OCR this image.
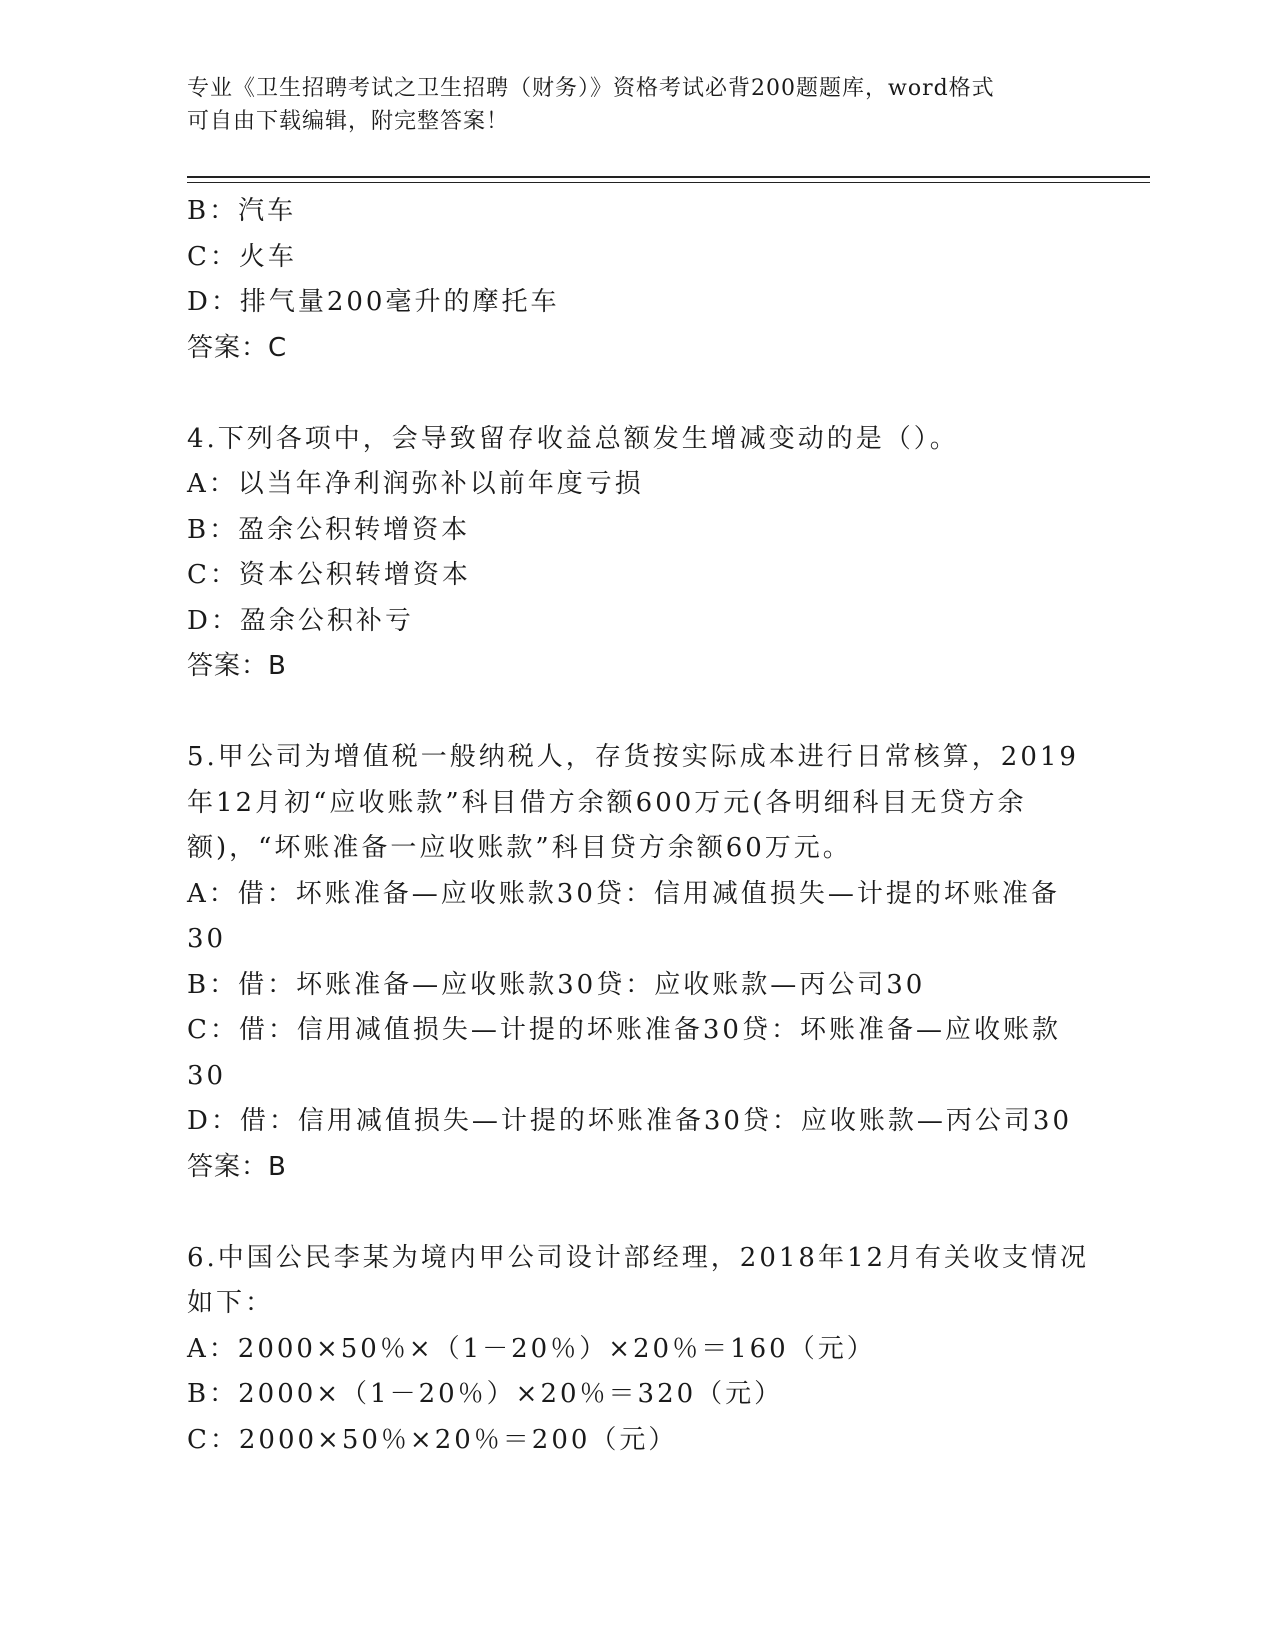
专业《卫生招聘考试之卫生招聘（财务）》资格考试必背200题题库，word格式
可自由下载编辑，附完整答案！
B：汽车
C：火车
D：排气量200毫升的摩托车
答案：C
4.下列各项中，会导致留存收益总额发生增减变动的是（）。
A：以当年净利润弥补以前年度亏损
B：盈余公积转增资本
C：资本公积转增资本
D：盈余公积补亏
答案：B
5.甲公司为增值税一般纳税人，存货按实际成本进行日常核算，2019
年12月初“应收账款”科目借方余额600万元(各明细科目无贷方余
额)，“坏账准备一应收账款”科目贷方余额60万元。
A：借：坏账准备—应收账款30贷：信用减值损失—计提的坏账准备
30
B：借：坏账准备—应收账款30贷：应收账款—丙公司30
C：借：信用减值损失—计提的坏账准备30贷：坏账准备—应收账款
30
D：借：信用减值损失—计提的坏账准备30贷：应收账款—丙公司30
答案：B
6.中国公民李某为境内甲公司设计部经理，2018年12月有关收支情况
如下：
A：2000×50％×（1－20％）×20％＝160（元）
B：2000×（1－20％）×20％＝320（元）
C：2000×50％×20％＝200（元）
